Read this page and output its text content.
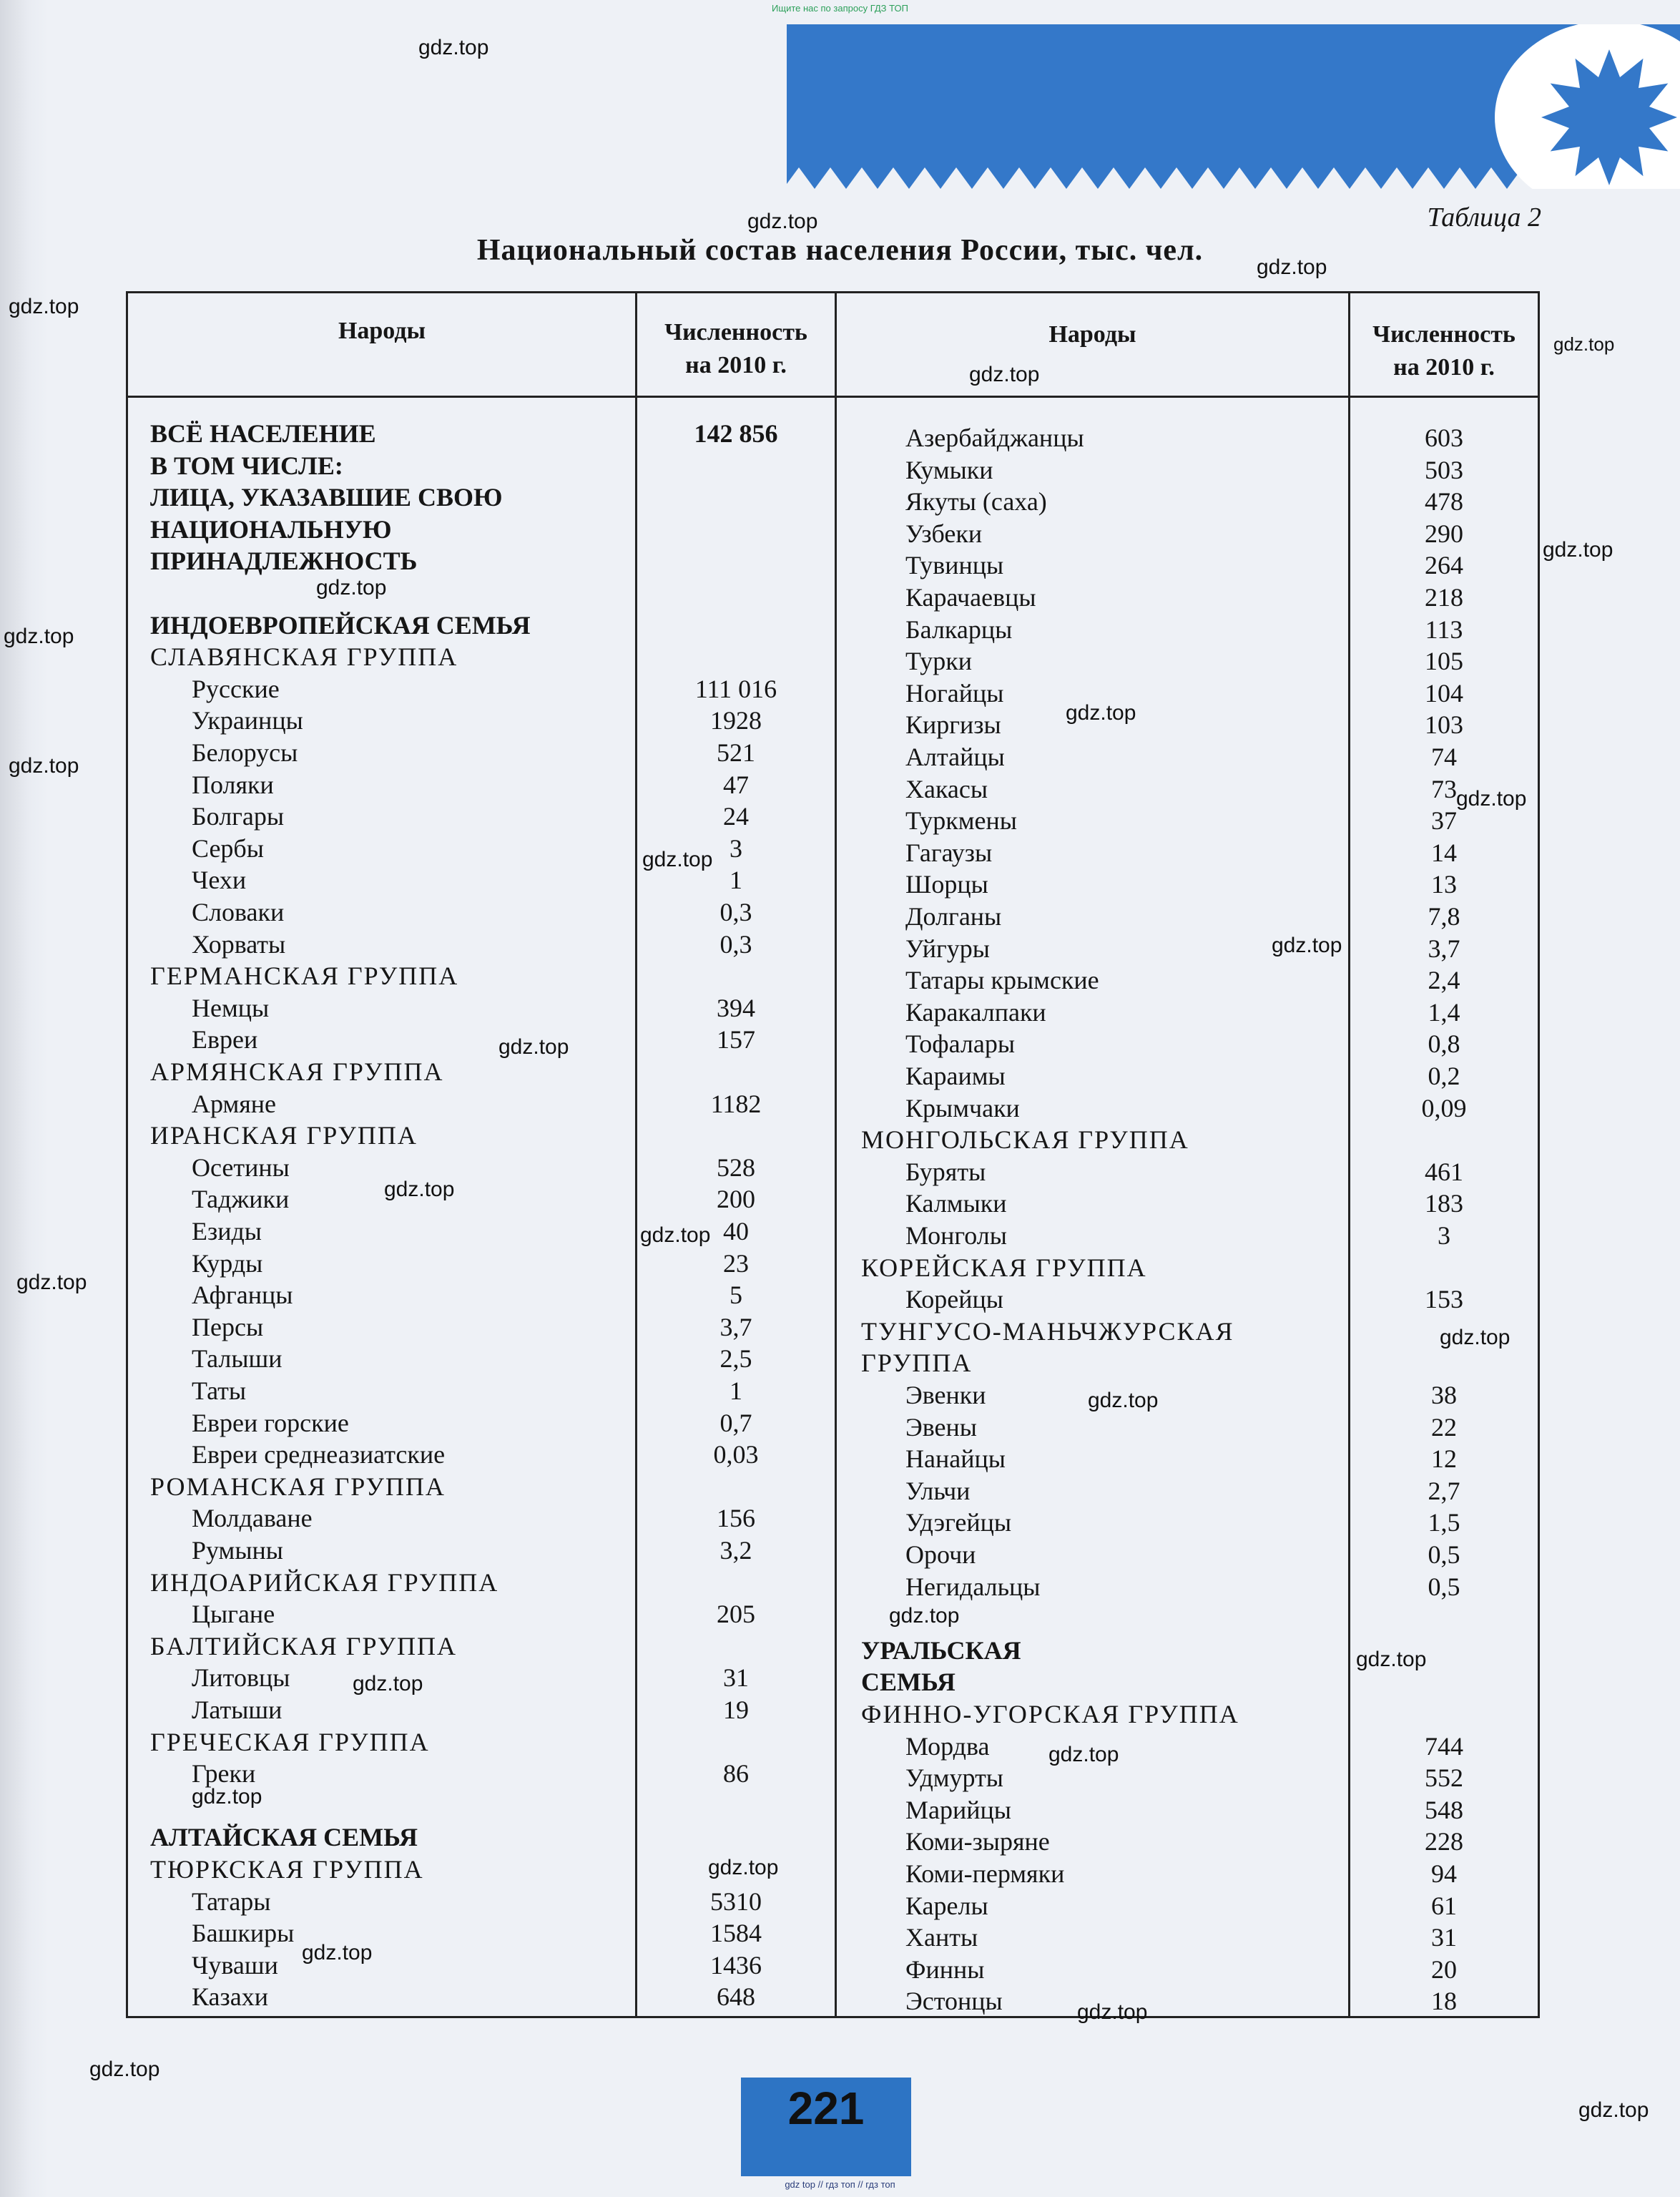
Ищите нас по запросу ГДЗ ТОП
Таблица 2
Национальный состав населения России, тыс. чел.
Народы	Численность
на 2010 г.
Народы	Численность
на 2010 г.
ВСЁ НАСЕЛЕНИЕ	142 856
В ТОМ ЧИСЛЕ:
ЛИЦА, УКАЗАВШИЕ СВОЮ
НАЦИОНАЛЬНУЮ
ПРИНАДЛЕЖНОСТЬ
ИНДОЕВРОПЕЙСКАЯ СЕМЬЯ
СЛАВЯНСКАЯ ГРУППА
Русские	111 016
Украинцы	1928
Белорусы	521
Поляки	47
Болгары	24
Сербы	3
Чехи	1
Словаки	0,3
Хорваты	0,3
ГЕРМАНСКАЯ ГРУППА
Немцы	394
Евреи	157
АРМЯНСКАЯ ГРУППА
Армяне	1182
ИРАНСКАЯ ГРУППА
Осетины	528
Таджики	200
Езиды	40
Курды	23
Афганцы	5
Персы	3,7
Талыши	2,5
Таты	1
Евреи горские	0,7
Евреи среднеазиатские	0,03
РОМАНСКАЯ ГРУППА
Молдаване	156
Румыны	3,2
ИНДОАРИЙСКАЯ ГРУППА
Цыгане	205
БАЛТИЙСКАЯ ГРУППА
Литовцы	31
Латыши	19
ГРЕЧЕСКАЯ ГРУППА
Греки	86
АЛТАЙСКАЯ СЕМЬЯ
ТЮРКСКАЯ ГРУППА
Татары	5310
Башкиры	1584
Чуваши	1436
Казахи	648
Азербайджанцы	603
Кумыки	503
Якуты (саха)	478
Узбеки	290
Тувинцы	264
Карачаевцы	218
Балкарцы	113
Турки	105
Ногайцы	104
Киргизы	103
Алтайцы	74
Хакасы	73
Туркмены	37
Гагаузы	14
Шорцы	13
Долганы	7,8
Уйгуры	3,7
Татары крымские	2,4
Каракалпаки	1,4
Тофалары	0,8
Караимы	0,2
Крымчаки	0,09
МОНГОЛЬСКАЯ ГРУППА
Буряты	461
Калмыки	183
Монголы	3
КОРЕЙСКАЯ ГРУППА
Корейцы	153
ТУНГУСО-МАНЬЧЖУРСКАЯ
ГРУППА
Эвенки	38
Эвены	22
Нанайцы	12
Ульчи	2,7
Удэгейцы	1,5
Орочи	0,5
Негидальцы	0,5
УРАЛЬСКАЯ
СЕМЬЯ
ФИННО-УГОРСКАЯ ГРУППА
Мордва	744
Удмурты	552
Марийцы	548
Коми-зыряне	228
Коми-пермяки	94
Карелы	61
Ханты	31
Финны	20
Эстонцы	18
221
gdz.top
gdz.top
gdz.top
gdz.top
gdz.top
gdz.top
gdz.top
gdz.top
gdz.top
gdz.top
gdz.top
gdz.top
gdz.top
gdz.top
gdz.top
gdz.top
gdz.top
gdz.top
gdz.top
gdz.top
gdz.top
gdz.top
gdz.top
gdz.top
gdz.top
gdz.top
gdz.top
gdz.top
gdz.top
gdz.top
gdz top // гдз топ // гдз топ
